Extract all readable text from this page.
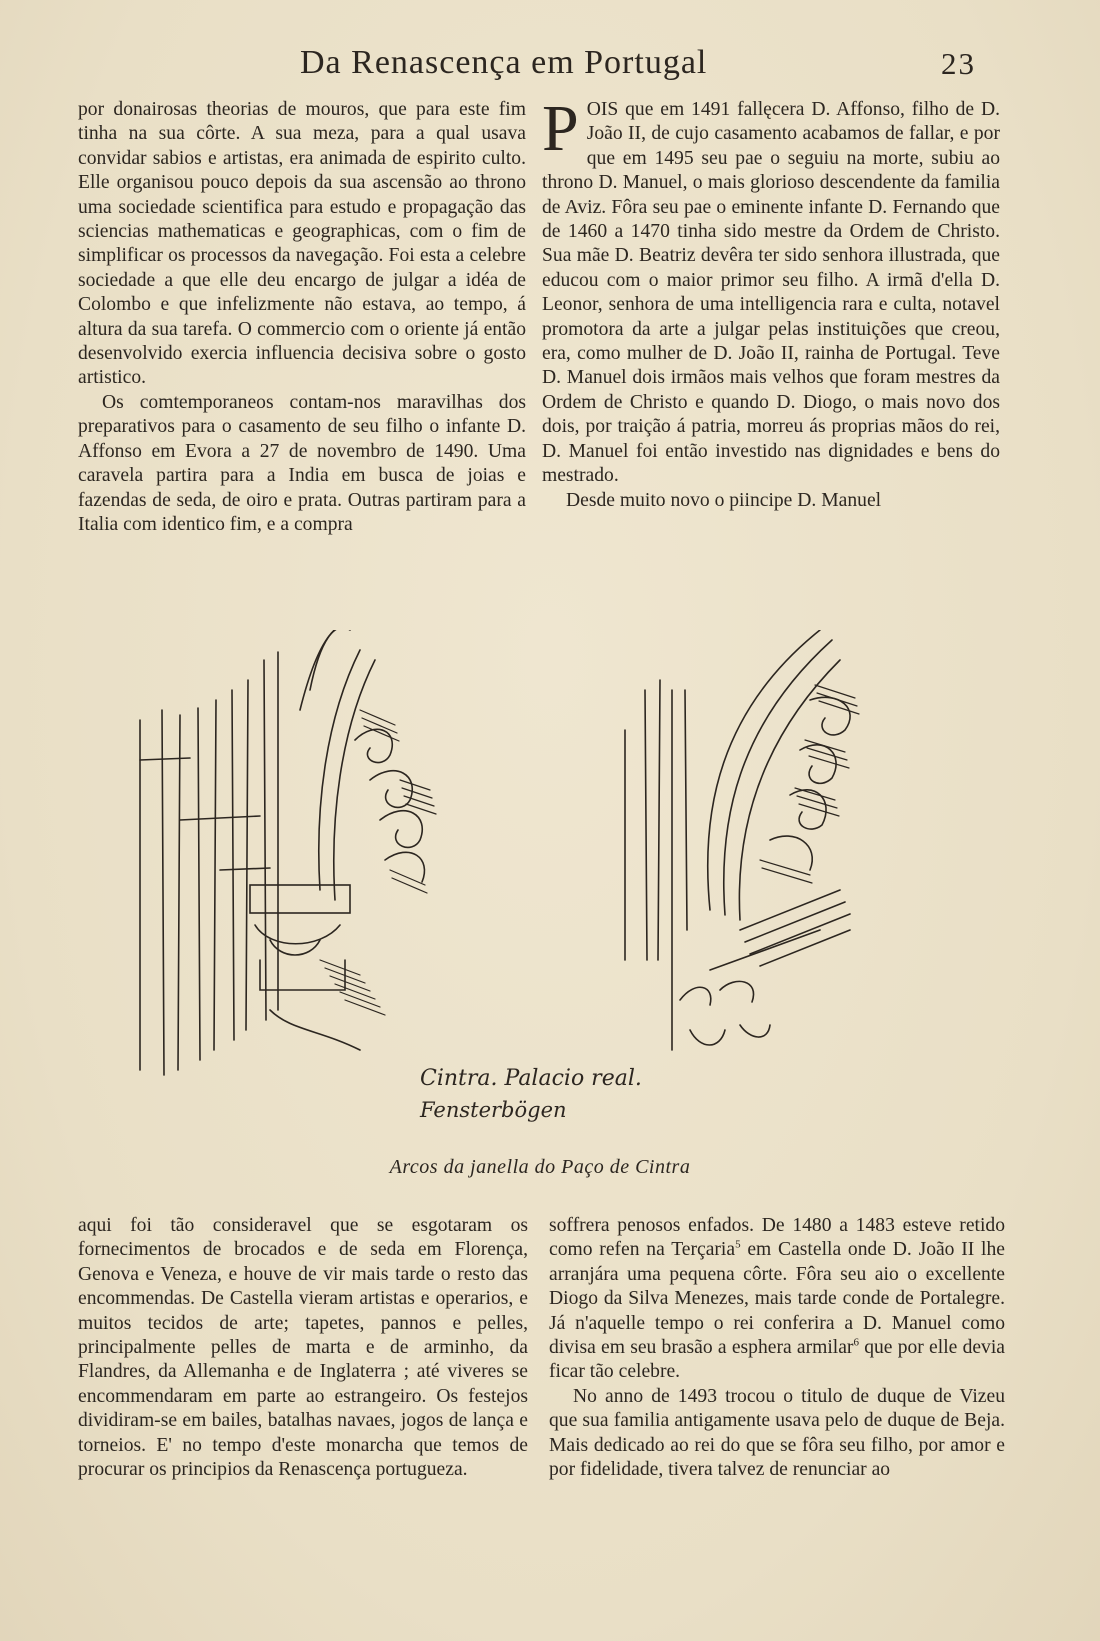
Da Renascença em Portugal	23

por donairosas theorias de mouros, que para este fim tinha na sua côrte. A sua meza, para a qual usava convidar sabios e artistas, era animada de espirito culto. Elle organisou pouco depois da sua ascensão ao throno uma sociedade scientifica para estudo e propagação das sciencias mathematicas e geographicas, com o fim de simplificar os processos da navegação. Foi esta a celebre sociedade a que elle deu encargo de julgar a idéa de Colombo e que infelizmente não estava, ao tempo, á altura da sua tarefa. O commercio com o oriente já então desenvolvido exercia influencia decisiva sobre o gosto artistico.

Os comtemporaneos contam-nos maravilhas dos preparativos para o casamento de seu filho o infante D. Affonso em Evora a 27 de novembro de 1490. Uma caravela partira para a India em busca de joias e fazendas de seda, de oiro e prata. Outras partiram para a Italia com identico fim, e a compra

POIS que em 1491 fallęcera D. Affonso, filho de D. João II, de cujo casamento acabamos de fallar, e por que em 1495 seu pae o seguiu na morte, subiu ao throno D. Manuel, o mais glorioso descendente da familia de Aviz. Fôra seu pae o eminente infante D. Fernando que de 1460 a 1470 tinha sido mestre da Ordem de Christo. Sua mãe D. Beatriz devêra ter sido senhora illustrada, que educou com o maior primor seu filho. A irmã d'ella D. Leonor, senhora de uma intelligencia rara e culta, notavel promotora da arte a julgar pelas instituições que creou, era, como mulher de D. João II, rainha de Portugal. Teve D. Manuel dois irmãos mais velhos que foram mestres da Ordem de Christo e quando D. Diogo, o mais novo dos dois, por traição á patria, morreu ás proprias mãos do rei, D. Manuel foi então investido nas dignidades e bens do mestrado.

Desde muito novo o piincipe D. Manuel

Cintra. Palacio real.
Fensterbögen
Arcos da janella do Paço de Cintra

aqui foi tão consideravel que se esgotaram os fornecimentos de brocados e de seda em Florença, Genova e Veneza, e houve de vir mais tarde o resto das encommendas. De Castella vieram artistas e operarios, e muitos tecidos de arte; tapetes, pannos e pelles, principalmente pelles de marta e de arminho, da Flandres, da Allemanha e de Inglaterra ; até viveres se encommendaram em parte ao estrangeiro. Os festejos dividiram-se em bailes, batalhas navaes, jogos de lança e torneios. E' no tempo d'este monarcha que temos de procurar os principios da Renascença portugueza.

soffrera penosos enfados. De 1480 a 1483 esteve retido como refen na Terçaria$^5$ em Castella onde D. João II lhe arranjára uma pequena côrte. Fôra seu aio o excellente Diogo da Silva Menezes, mais tarde conde de Portalegre. Já n'aquelle tempo o rei conferira a D. Manuel como divisa em seu brasão a esphera armilar$^6$ que por elle devia ficar tão celebre.

No anno de 1493 trocou o titulo de duque de Vizeu que sua familia antigamente usava pelo de duque de Beja. Mais dedicado ao rei do que se fôra seu filho, por amor e por fidelidade, tivera talvez de renunciar ao
